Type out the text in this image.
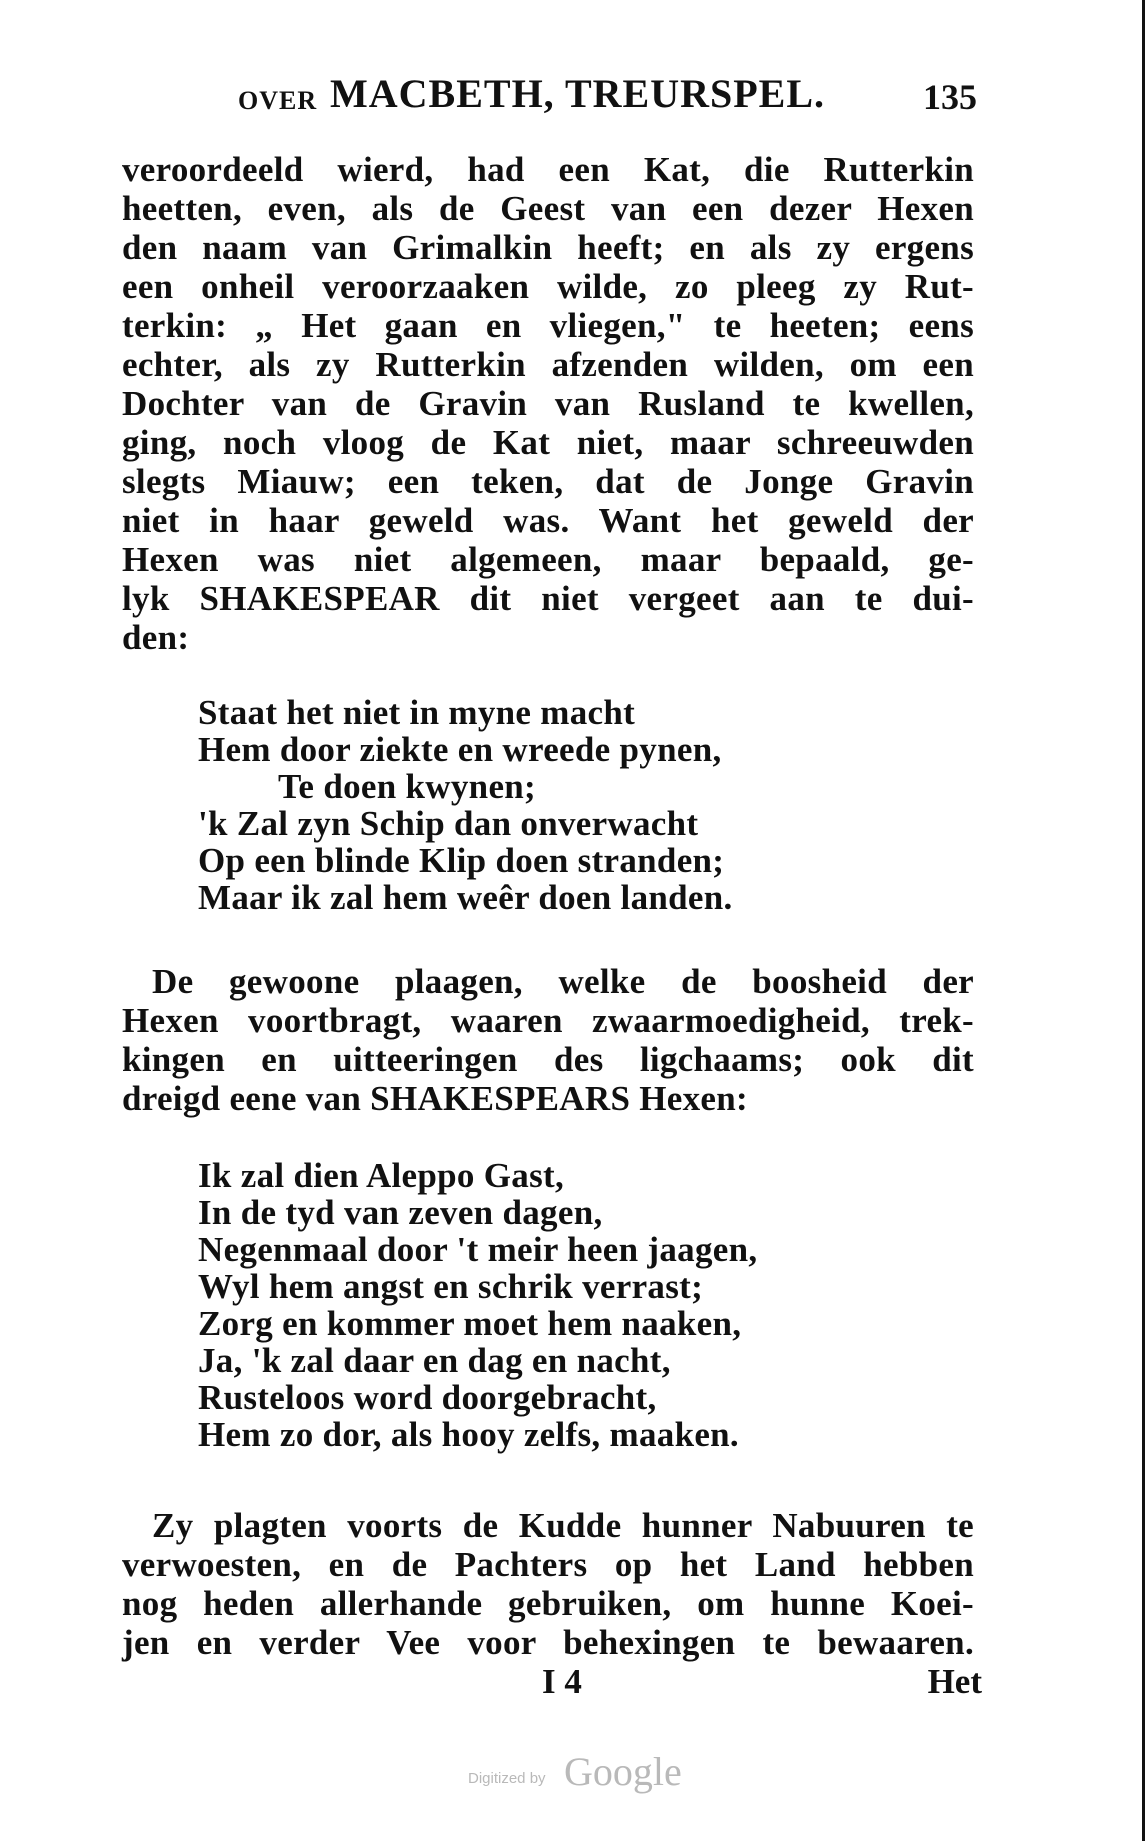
OVER MACBETH, TREURSPEL.	135
veroordeeld wierd, had een Kat, die Rutterkin
heetten, even, als de Geest van een dezer Hexen
den naam van Grimalkin heeft; en als zy ergens
een onheil veroorzaaken wilde, zo pleeg zy Rut-
terkin: „ Het gaan en vliegen," te heeten; eens
echter, als zy Rutterkin afzenden wilden, om een
Dochter van de Gravin van Rusland te kwellen,
ging, noch vloog de Kat niet, maar schreeuwden
slegts Miauw; een teken, dat de Jonge Gravin
niet in haar geweld was. Want het geweld der
Hexen was niet algemeen, maar bepaald, ge-
lyk SHAKESPEAR dit niet vergeet aan te dui-
den:
Staat het niet in myne macht
Hem door ziekte en wreede pynen,
Te doen kwynen;
'k Zal zyn Schip dan onverwacht
Op een blinde Klip doen stranden;
Maar ik zal hem weêr doen landen.
De gewoone plaagen, welke de boosheid der
Hexen voortbragt, waaren zwaarmoedigheid, trek-
kingen en uitteeringen des ligchaams; ook dit
dreigd eene van SHAKESPEARS Hexen:
Ik zal dien Aleppo Gast,
In de tyd van zeven dagen,
Negenmaal door 't meir heen jaagen,
Wyl hem angst en schrik verrast;
Zorg en kommer moet hem naaken,
Ja, 'k zal daar en dag en nacht,
Rusteloos word doorgebracht,
Hem zo dor, als hooy zelfs, maaken.
Zy plagten voorts de Kudde hunner Nabuuren te
verwoesten, en de Pachters op het Land hebben
nog heden allerhande gebruiken, om hunne Koei-
jen en verder Vee voor behexingen te bewaaren.
I 4	Het
Digitized by Google
